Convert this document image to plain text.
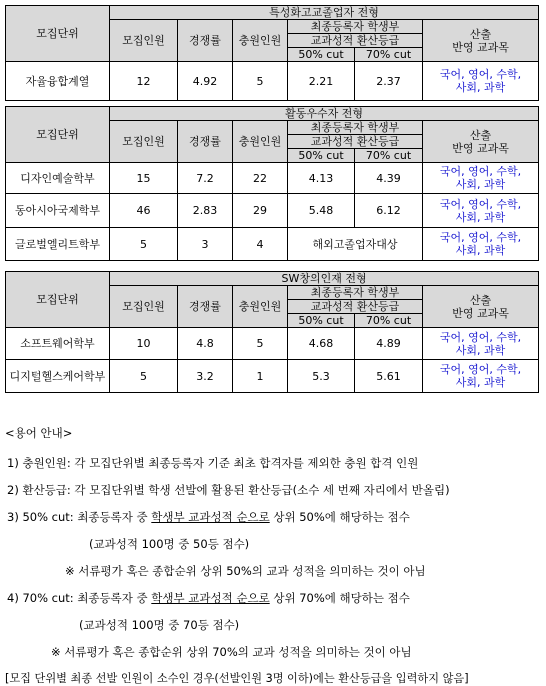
모집단위	특성화고교졸업자 전형					
	모집인원	경쟁률	충원인원	최종등록자 학생부		산출
반영 교과목
				교과성적 환산등급		
				50% cut	70% cut	
자율융합계열	12	4.92	5	2.21	2.37	국어, 영어, 수학,
사회, 과학
모집단위	활동우수자 전형					
	모집인원	경쟁률	충원인원	최종등록자 학생부		산출
반영 교과목
				교과성적 환산등급		
				50% cut	70% cut	
디자인예술학부	15	7.2	22	4.13	4.39	국어, 영어, 수학,
사회, 과학
동아시아국제학부	46	2.83	29	5.48	6.12	국어, 영어, 수학,
사회, 과학
글로벌엘리트학부	5	3	4	해외고졸업자대상		국어, 영어, 수학,
사회, 과학
모집단위	SW창의인재 전형					
	모집인원	경쟁률	충원인원	최종등록자 학생부		산출
반영 교과목
				교과성적 환산등급		
				50% cut	70% cut	
소프트웨어학부	10	4.8	5	4.68	4.89	국어, 영어, 수학,
사회, 과학
디지털헬스케어학부	5	3.2	1	5.3	5.61	국어, 영어, 수학,
사회, 과학
<용어 안내>
1) 충원인원: 각 모집단위별 최종등록자 기준 최초 합격자를 제외한 충원 합격 인원
2) 환산등급: 각 모집단위별 학생 선발에 활용된 환산등급(소수 세 번째 자리에서 반올림)
3) 50% cut: 최종등록자 중 학생부 교과성적 순으로 상위 50%에 해당하는 점수
(교과성적 100명 중 50등 점수)
※ 서류평가 혹은 종합순위 상위 50%의 교과 성적을 의미하는 것이 아님
4) 70% cut: 최종등록자 중 학생부 교과성적 순으로 상위 70%에 해당하는 점수
(교과성적 100명 중 70등 점수)
※ 서류평가 혹은 종합순위 상위 70%의 교과 성적을 의미하는 것이 아님
[모집 단위별 최종 선발 인원이 소수인 경우(선발인원 3명 이하)에는 환산등급을 입력하지 않음]
